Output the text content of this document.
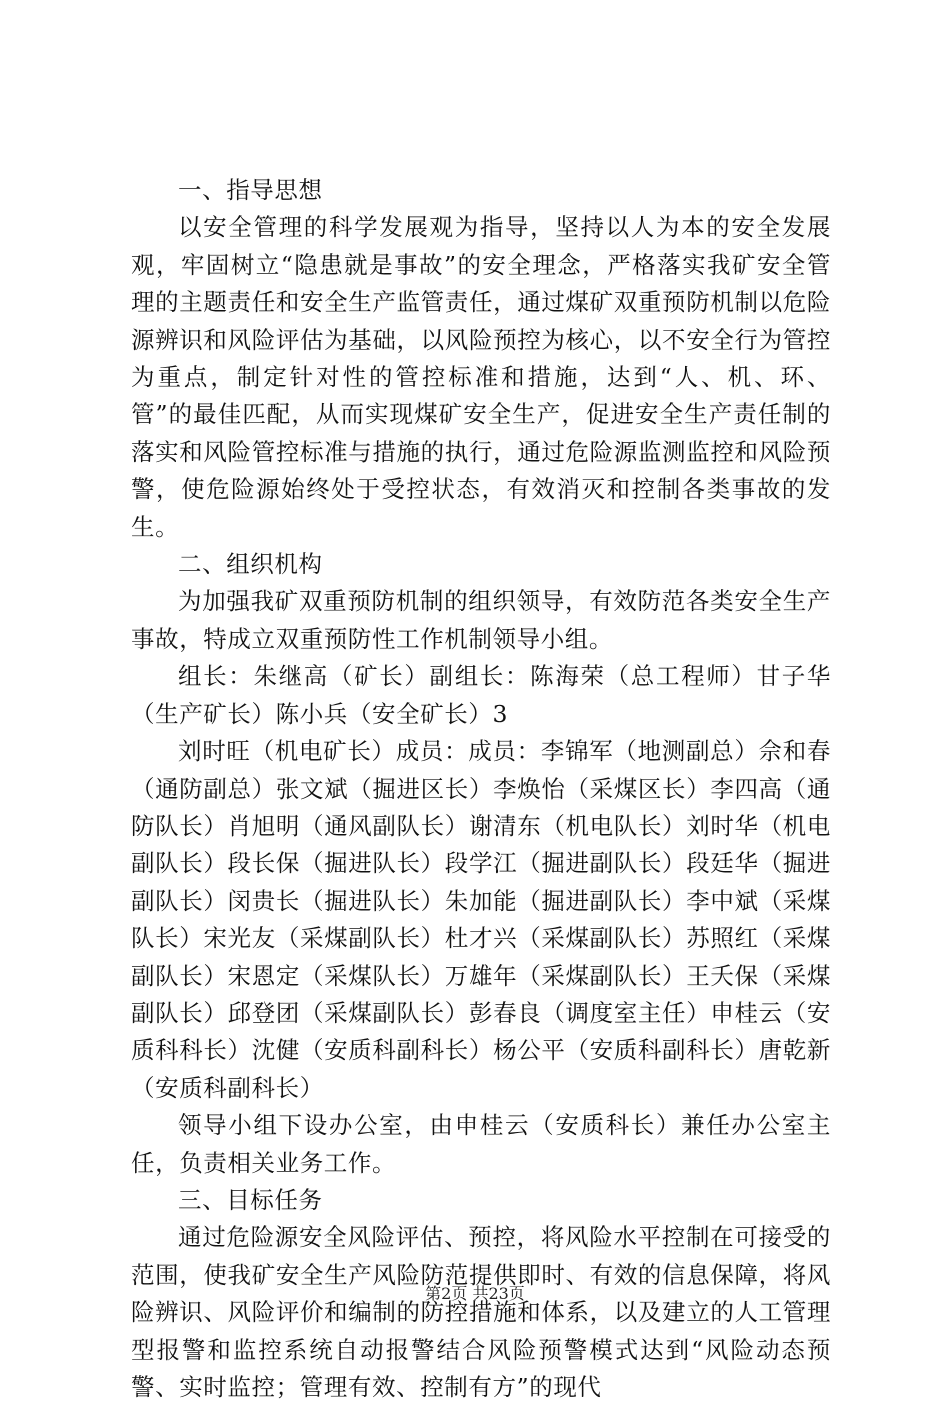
一、指导思想

以安全管理的科学发展观为指导，坚持以人为本的安全发展观，牢固树立“隐患就是事故”的安全理念，严格落实我矿安全管理的主题责任和安全生产监管责任，通过煤矿双重预防机制以危险源辨识和风险评估为基础，以风险预控为核心，以不安全行为管控为重点，制定针对性的管控标准和措施，达到“人、机、环、管”的最佳匹配，从而实现煤矿安全生产，促进安全生产责任制的落实和风险管控标准与措施的执行，通过危险源监测监控和风险预警，使危险源始终处于受控状态，有效消灭和控制各类事故的发生。

二、组织机构

为加强我矿双重预防机制的组织领导，有效防范各类安全生产事故，特成立双重预防性工作机制领导小组。

组长：朱继高（矿长）副组长：陈海荣（总工程师）甘子华（生产矿长）陈小兵（安全矿长）3

刘时旺（机电矿长）成员：成员：李锦军（地测副总）佘和春（通防副总）张文斌（掘进区长）李焕怡（采煤区长）李四高（通防队长）肖旭明（通风副队长）谢清东（机电队长）刘时华（机电副队长）段长保（掘进队长）段学江（掘进副队长）段廷华（掘进副队长）闵贵长（掘进队长）朱加能（掘进副队长）李中斌（采煤队长）宋光友（采煤副队长）杜才兴（采煤副队长）苏照红（采煤副队长）宋恩定（采煤队长）万雄年（采煤副队长）王夭保（采煤副队长）邱登团（采煤副队长）彭春良（调度室主任）申桂云（安质科科长）沈健（安质科副科长）杨公平（安质科副科长）唐乾新（安质科副科长）

领导小组下设办公室，由申桂云（安质科长）兼任办公室主任，负责相关业务工作。

三、目标任务

通过危险源安全风险评估、预控，将风险水平控制在可接受的范围，使我矿安全生产风险防范提供即时、有效的信息保障，将风险辨识、风险评价和编制的防控措施和体系，以及建立的人工管理型报警和监控系统自动报警结合风险预警模式达到“风险动态预警、实时监控；管理有效、控制有方”的现代

第2页 共23页
